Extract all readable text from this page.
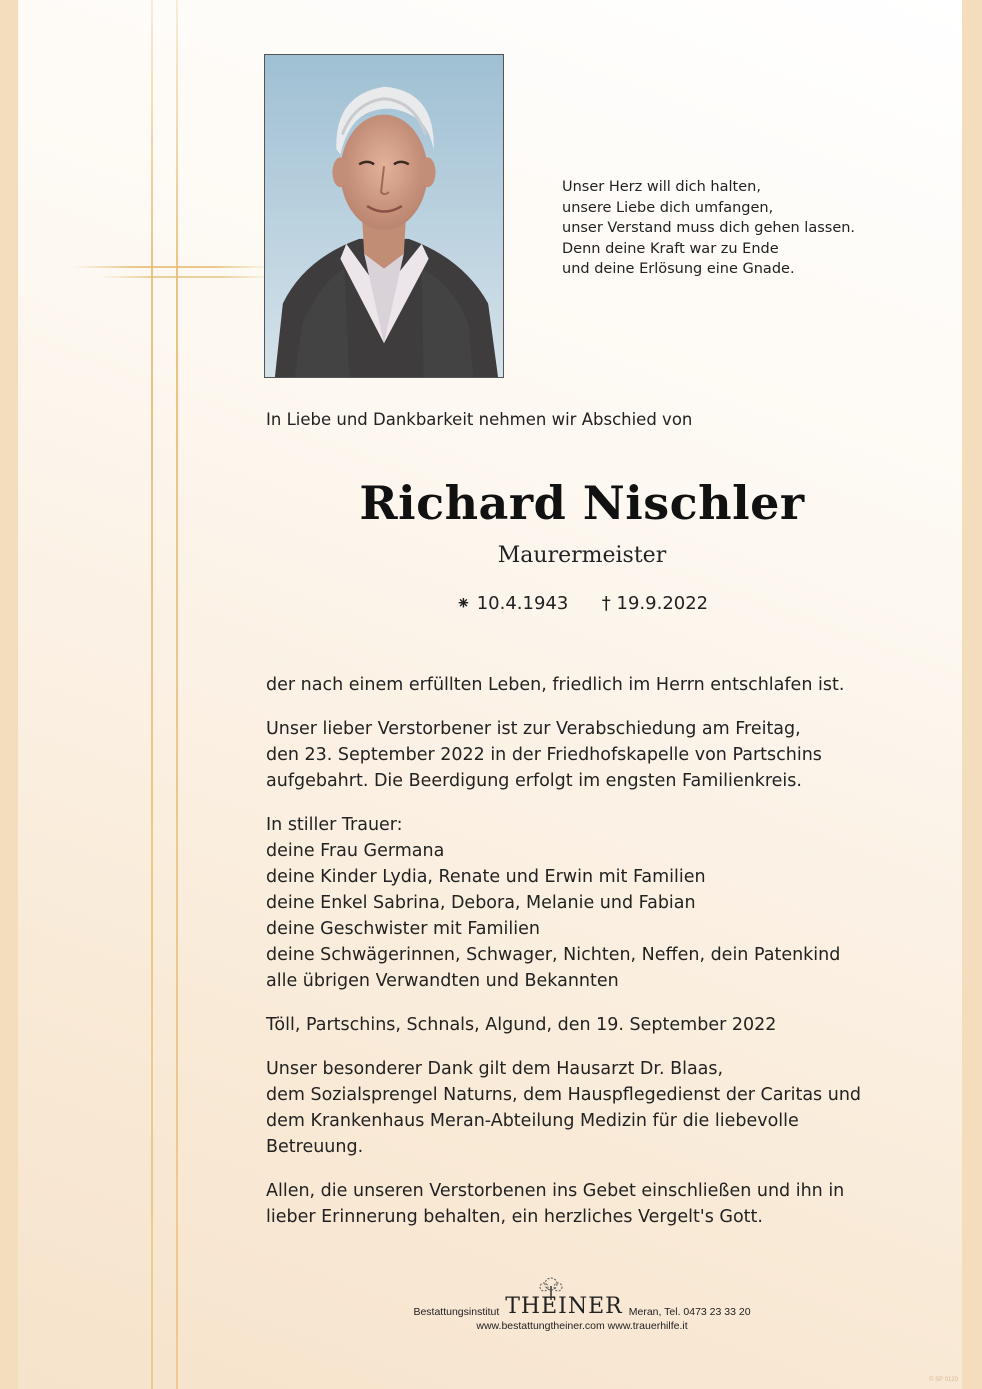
Unser Herz will dich halten,
unsere Liebe dich umfangen,
unser Verstand muss dich gehen lassen.
Denn deine Kraft war zu Ende
und deine Erlösung eine Gnade.
In Liebe und Dankbarkeit nehmen wir Abschied von
Richard Nischler
Maurermeister
⁕ 10.4.1943 † 19.9.2022
der nach einem erfüllten Leben, friedlich im Herrn entschlafen ist.
Unser lieber Verstorbener ist zur Verabschiedung am Freitag,
den 23. September 2022 in der Friedhofskapelle von Partschins
aufgebahrt. Die Beerdigung erfolgt im engsten Familienkreis.
In stiller Trauer:
deine Frau Germana
deine Kinder Lydia, Renate und Erwin mit Familien
deine Enkel Sabrina, Debora, Melanie und Fabian
deine Geschwister mit Familien
deine Schwägerinnen, Schwager, Nichten, Neffen, dein Patenkind
alle übrigen Verwandten und Bekannten
Töll, Partschins, Schnals, Algund, den 19. September 2022
Unser besonderer Dank gilt dem Hausarzt Dr. Blaas,
dem Sozialsprengel Naturns, dem Hauspflegedienst der Caritas und
dem Krankenhaus Meran-Abteilung Medizin für die liebevolle
Betreuung.
Allen, die unseren Verstorbenen ins Gebet einschließen und ihn in
lieber Erinnerung behalten, ein herzliches Vergelt's Gott.
Bestattungsinstitut THEINER Meran, Tel. 0473 23 33 20
www.bestattungtheiner.com www.trauerhilfe.it
© SP 0120
